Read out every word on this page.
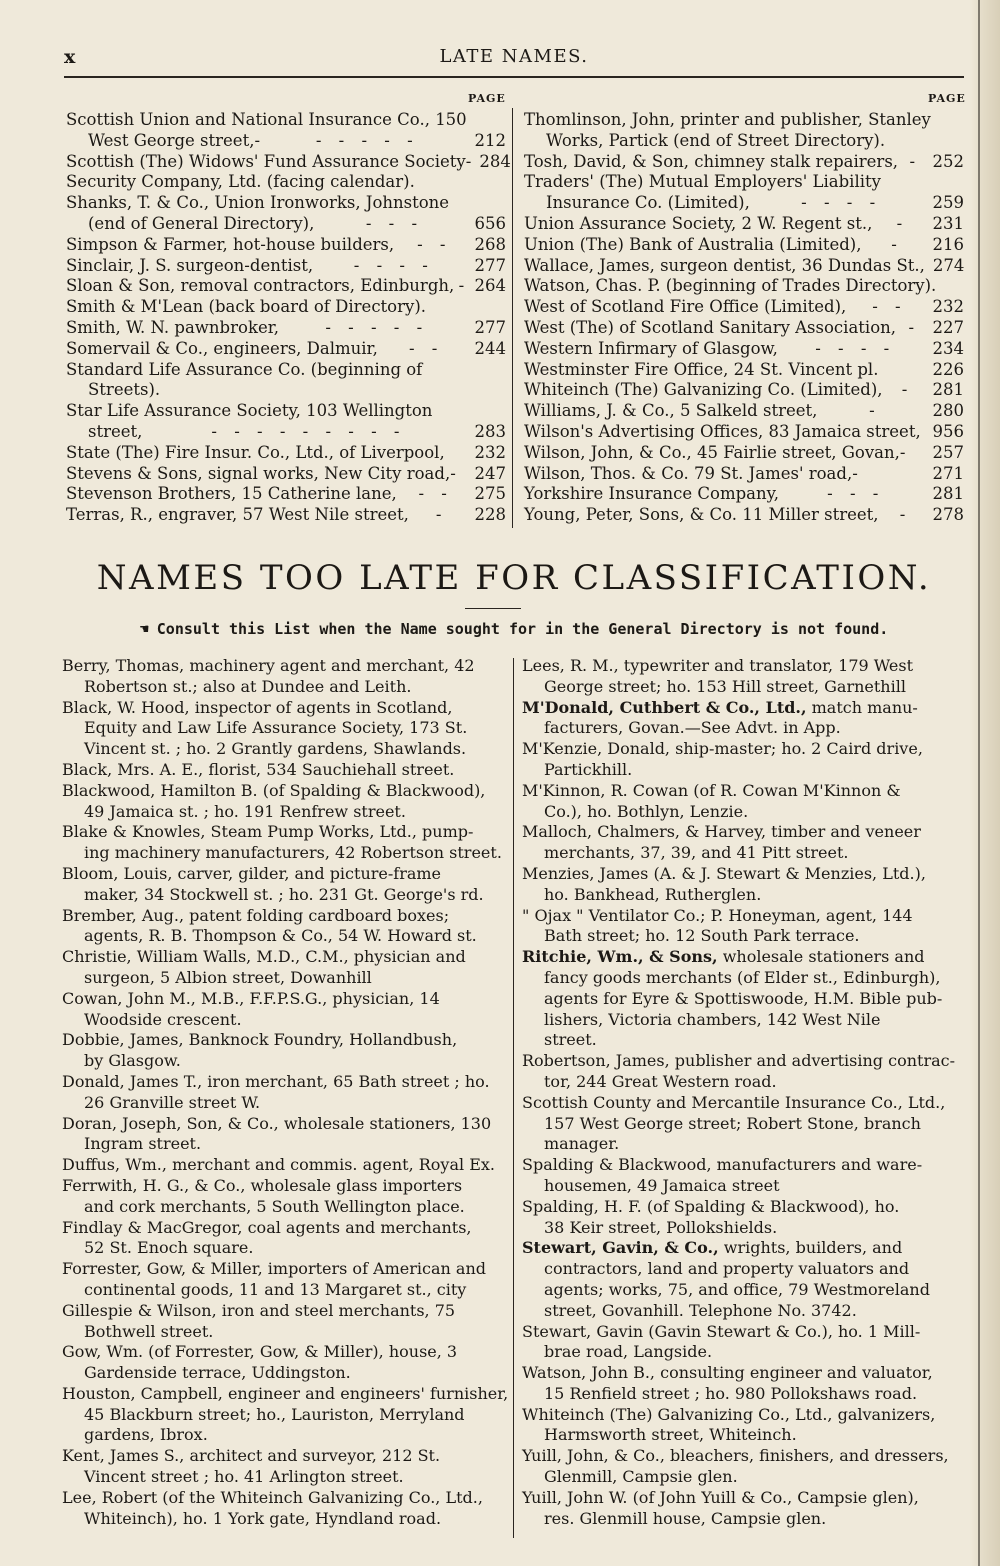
x	LATE NAMES.
PAGE	PAGE
Scottish Union and National Insurance Co., 150
West George street,-	- - - - -	212
Scottish (The) Widows' Fund Assurance Society- 284
Security Company, Ltd. (facing calendar).
Shanks, T. & Co., Union Ironworks, Johnstone
(end of General Directory),	- - -	656
Simpson & Farmer, hot-house builders,	- -	268
Sinclair, J. S. surgeon-dentist,	- - - -	277
Sloan & Son, removal contractors, Edinburgh, - 264
Smith & M'Lean (back board of Directory).
Smith, W. N. pawnbroker,	- - - - -	277
Somervail & Co., engineers, Dalmuir,	- -	244
Standard Life Assurance Co. (beginning of
Streets).
Star Life Assurance Society, 103 Wellington
street,	- - - - - - - - -	283
State (The) Fire Insur. Co., Ltd., of Liverpool, 232
Stevens & Sons, signal works, New City road,- 247
Stevenson Brothers, 15 Catherine lane,	- -	275
Terras, R., engraver, 57 West Nile street,	-	228
Thomlinson, John, printer and publisher, Stanley
Works, Partick (end of Street Directory).
Tosh, David, & Son, chimney stalk repairers, - 252
Traders' (The) Mutual Employers' Liability
Insurance Co. (Limited),	- - - -	259
Union Assurance Society, 2 W. Regent st.,	-	231
Union (The) Bank of Australia (Limited),	-	216
Wallace, James, surgeon dentist, 36 Dundas St., 274
Watson, Chas. P. (beginning of Trades Directory).
West of Scotland Fire Office (Limited),	- -	232
West (The) of Scotland Sanitary Association, - 227
Western Infirmary of Glasgow,	- - - -	234
Westminster Fire Office, 24 St. Vincent pl.	226
Whiteinch (The) Galvanizing Co. (Limited),	-	281
Williams, J. & Co., 5 Salkeld street,	-	280
Wilson's Advertising Offices, 83 Jamaica street, 956
Wilson, John, & Co., 45 Fairlie street, Govan,- 257
Wilson, Thos. & Co. 79 St. James' road,-	271
Yorkshire Insurance Company,	- - -	281
Young, Peter, Sons, & Co. 11 Miller street,	-	278
NAMES TOO LATE FOR CLASSIFICATION.
☚ Consult this List when the Name sought for in the General Directory is not found.
Berry, Thomas, machinery agent and merchant, 42
Robertson st.; also at Dundee and Leith.
Black, W. Hood, inspector of agents in Scotland,
Equity and Law Life Assurance Society, 173 St.
Vincent st. ; ho. 2 Grantly gardens, Shawlands.
Black, Mrs. A. E., florist, 534 Sauchiehall street.
Blackwood, Hamilton B. (of Spalding & Blackwood),
49 Jamaica st. ; ho. 191 Renfrew street.
Blake & Knowles, Steam Pump Works, Ltd., pump-
ing machinery manufacturers, 42 Robertson street.
Bloom, Louis, carver, gilder, and picture-frame
maker, 34 Stockwell st. ; ho. 231 Gt. George's rd.
Brember, Aug., patent folding cardboard boxes;
agents, R. B. Thompson & Co., 54 W. Howard st.
Christie, William Walls, M.D., C.M., physician and
surgeon, 5 Albion street, Dowanhill
Cowan, John M., M.B., F.F.P.S.G., physician, 14
Woodside crescent.
Dobbie, James, Banknock Foundry, Hollandbush,
by Glasgow.
Donald, James T., iron merchant, 65 Bath street ; ho.
26 Granville street W.
Doran, Joseph, Son, & Co., wholesale stationers, 130
Ingram street.
Duffus, Wm., merchant and commis. agent, Royal Ex.
Ferrwith, H. G., & Co., wholesale glass importers
and cork merchants, 5 South Wellington place.
Findlay & MacGregor, coal agents and merchants,
52 St. Enoch square.
Forrester, Gow, & Miller, importers of American and
continental goods, 11 and 13 Margaret st., city
Gillespie & Wilson, iron and steel merchants, 75
Bothwell street.
Gow, Wm. (of Forrester, Gow, & Miller), house, 3
Gardenside terrace, Uddingston.
Houston, Campbell, engineer and engineers' furnisher,
45 Blackburn street; ho., Lauriston, Merryland
gardens, Ibrox.
Kent, James S., architect and surveyor, 212 St.
Vincent street ; ho. 41 Arlington street.
Lee, Robert (of the Whiteinch Galvanizing Co., Ltd.,
Whiteinch), ho. 1 York gate, Hyndland road.
Lees, R. M., typewriter and translator, 179 West
George street; ho. 153 Hill street, Garnethill
M'Donald, Cuthbert & Co., Ltd., match manu-
facturers, Govan.—See Advt. in App.
M'Kenzie, Donald, ship-master; ho. 2 Caird drive,
Partickhill.
M'Kinnon, R. Cowan (of R. Cowan M'Kinnon &
Co.), ho. Bothlyn, Lenzie.
Malloch, Chalmers, & Harvey, timber and veneer
merchants, 37, 39, and 41 Pitt street.
Menzies, James (A. & J. Stewart & Menzies, Ltd.),
ho. Bankhead, Rutherglen.
" Ojax " Ventilator Co.; P. Honeyman, agent, 144
Bath street; ho. 12 South Park terrace.
Ritchie, Wm., & Sons, wholesale stationers and
fancy goods merchants (of Elder st., Edinburgh),
agents for Eyre & Spottiswoode, H.M. Bible pub-
lishers, Victoria chambers, 142 West Nile
street.
Robertson, James, publisher and advertising contrac-
tor, 244 Great Western road.
Scottish County and Mercantile Insurance Co., Ltd.,
157 West George street; Robert Stone, branch
manager.
Spalding & Blackwood, manufacturers and ware-
housemen, 49 Jamaica street
Spalding, H. F. (of Spalding & Blackwood), ho.
38 Keir street, Pollokshields.
Stewart, Gavin, & Co., wrights, builders, and
contractors, land and property valuators and
agents; works, 75, and office, 79 Westmoreland
street, Govanhill. Telephone No. 3742.
Stewart, Gavin (Gavin Stewart & Co.), ho. 1 Mill-
brae road, Langside.
Watson, John B., consulting engineer and valuator,
15 Renfield street ; ho. 980 Pollokshaws road.
Whiteinch (The) Galvanizing Co., Ltd., galvanizers,
Harmsworth street, Whiteinch.
Yuill, John, & Co., bleachers, finishers, and dressers,
Glenmill, Campsie glen.
Yuill, John W. (of John Yuill & Co., Campsie glen),
res. Glenmill house, Campsie glen.
